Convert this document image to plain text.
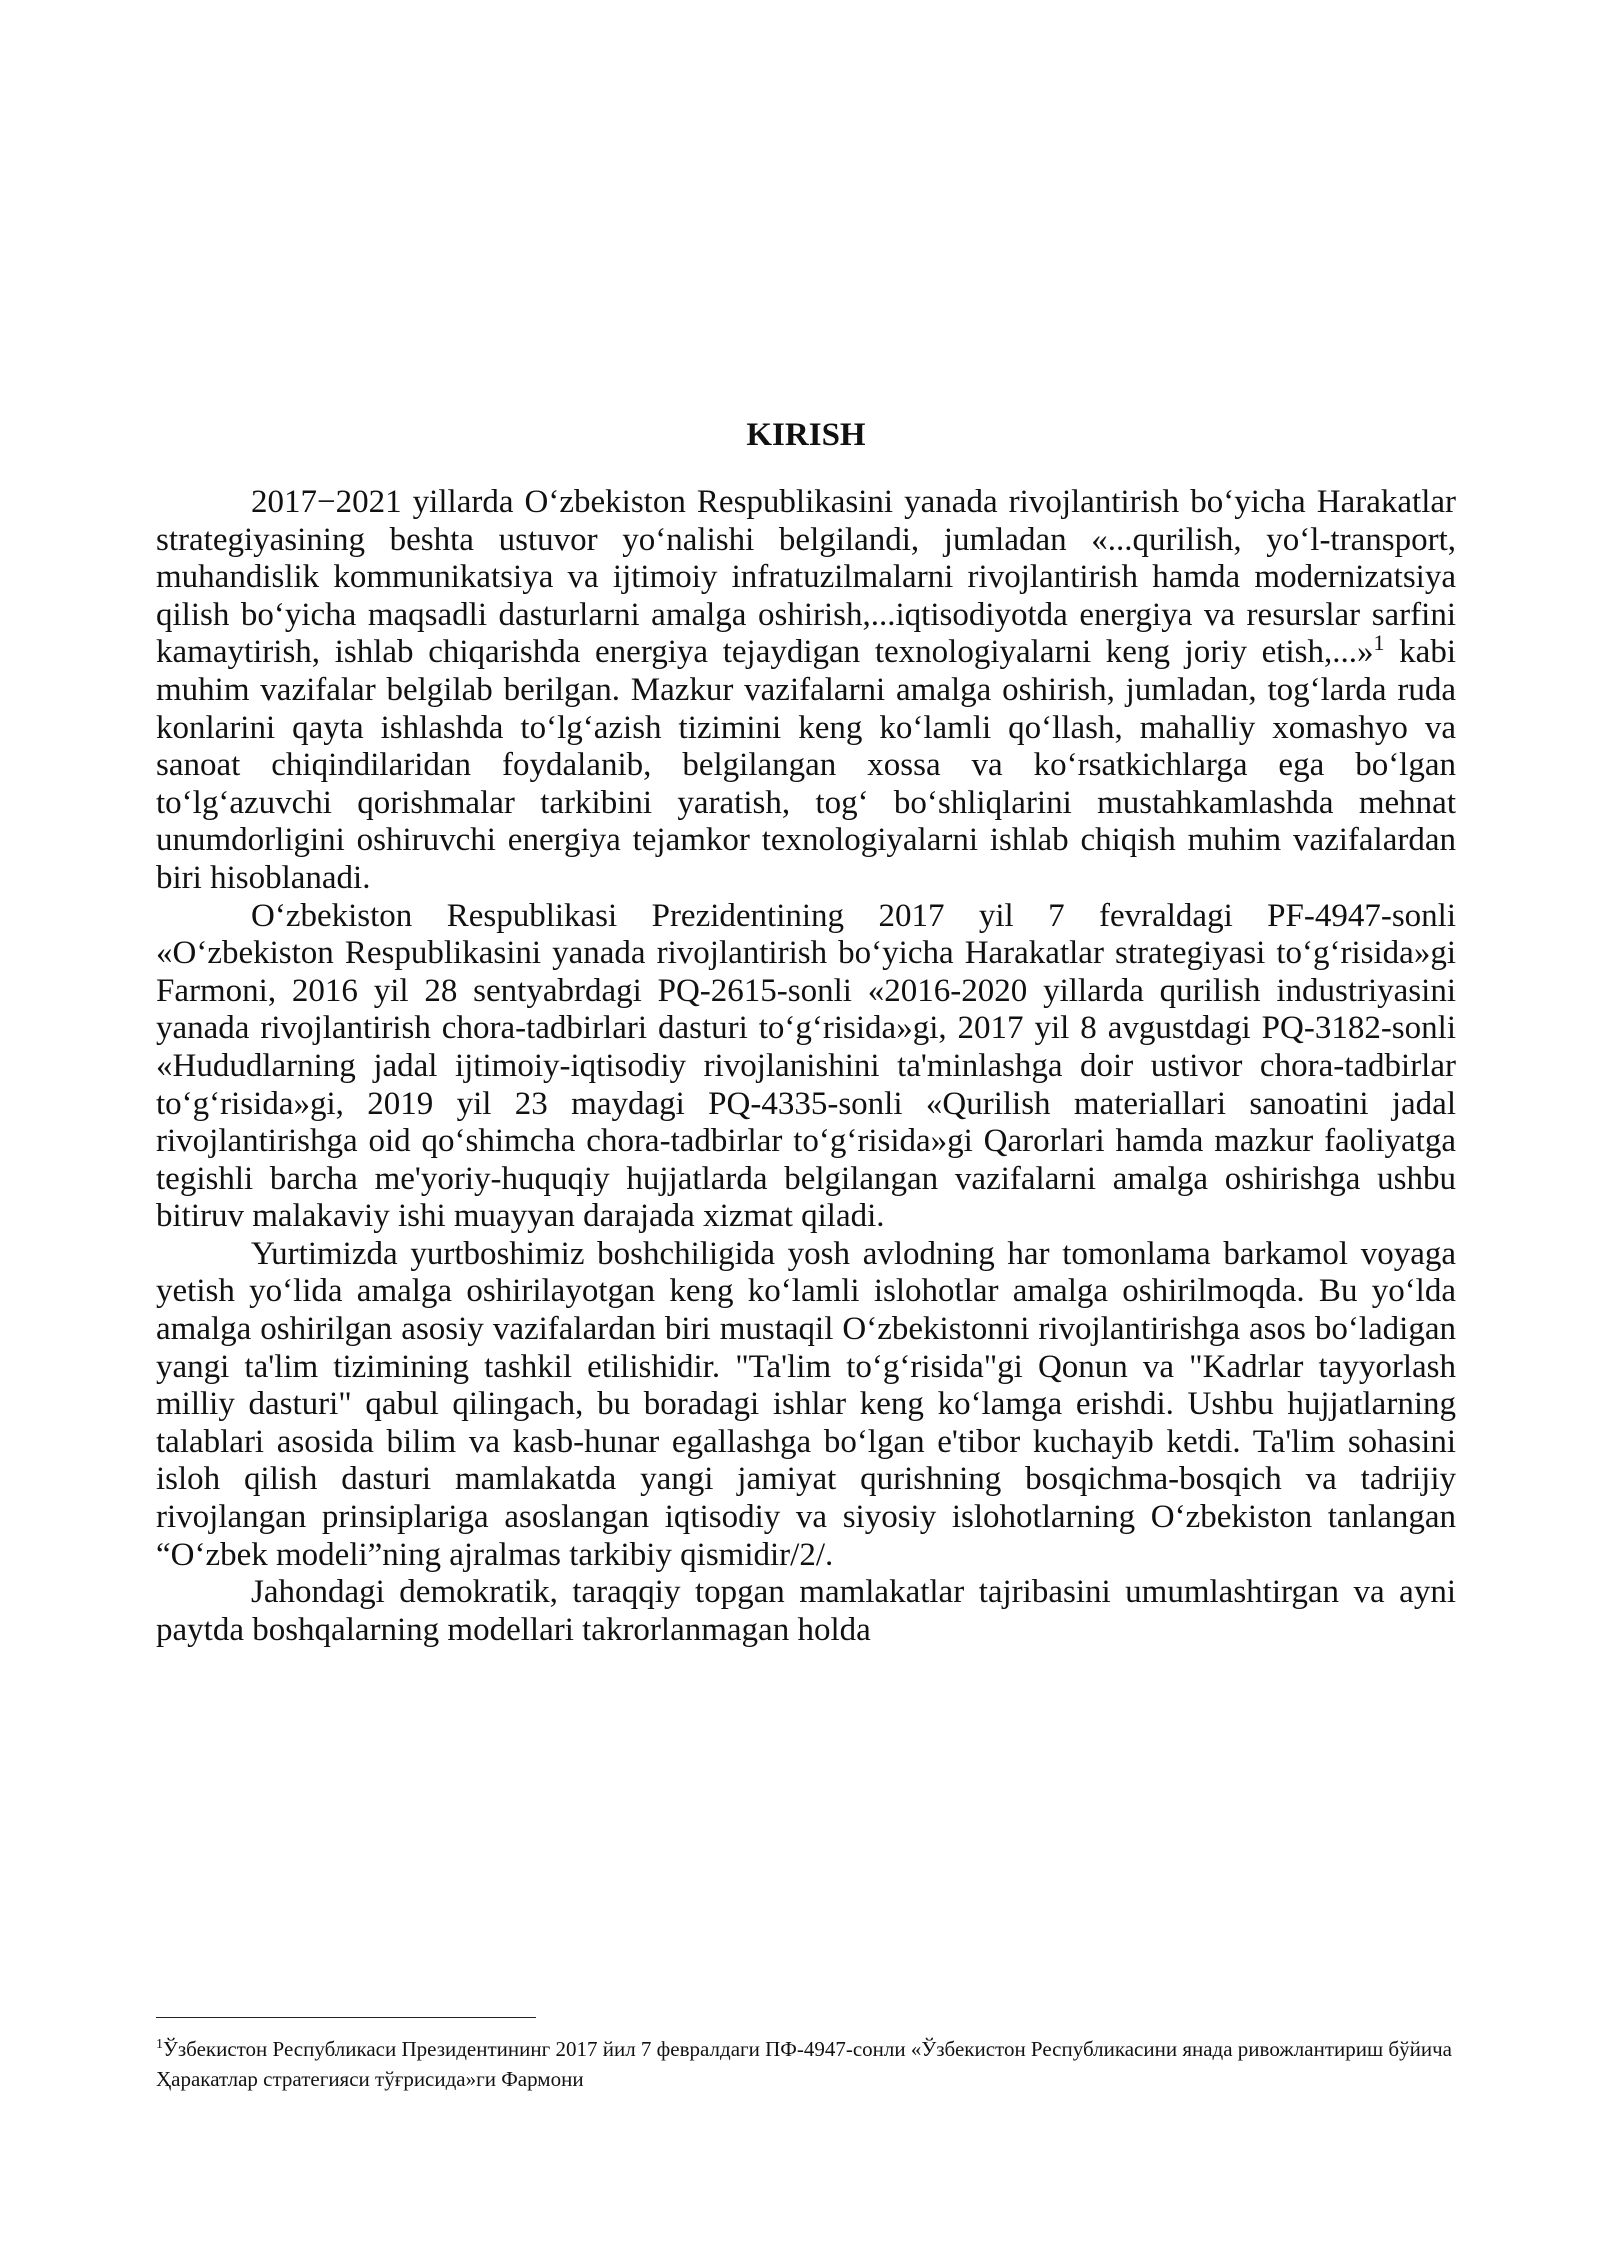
KIRISH

2017−2021 yillarda O‘zbekiston Respublikasini yanada rivojlantirish bo‘yicha Harakatlar strategiyasining beshta ustuvor yo‘nalishi belgilandi, jumladan «...qurilish, yo‘l-transport, muhandislik kommunikatsiya va ijtimoiy infratuzilmalarni rivojlantirish hamda modernizatsiya qilish bo‘yicha maqsadli dasturlarni amalga oshirish,...iqtisodiyotda energiya va resurslar sarfini kamaytirish, ishlab chiqarishda energiya tejaydigan texnologiyalarni keng joriy etish,...»$^1$ kabi muhim vazifalar belgilab berilgan. Mazkur vazifalarni amalga oshirish, jumladan, tog‘larda ruda konlarini qayta ishlashda to‘lg‘azish tizimini keng ko‘lamli qo‘llash, mahalliy xomashyo va sanoat chiqindilaridan foydalanib, belgilangan xossa va ko‘rsatkichlarga ega bo‘lgan to‘lg‘azuvchi qorishmalar tarkibini yaratish, tog‘ bo‘shliqlarini mustahkamlashda mehnat unumdorligini oshiruvchi energiya tejamkor texnologiyalarni ishlab chiqish muhim vazifalardan biri hisoblanadi.

O‘zbekiston Respublikasi Prezidentining 2017 yil 7 fevraldagi PF-4947-sonli «O‘zbekiston Respublikasini yanada rivojlantirish bo‘yicha Harakatlar strategiyasi to‘g‘risida»gi Farmoni, 2016 yil 28 sentyabrdagi PQ-2615-sonli «2016-2020 yillarda qurilish industriyasini yanada rivojlantirish chora-tadbirlari dasturi to‘g‘risida»gi, 2017 yil 8 avgustdagi PQ-3182-sonli «Hududlarning jadal ijtimoiy-iqtisodiy rivojlanishini ta'minlashga doir ustivor chora-tadbirlar to‘g‘risida»gi, 2019 yil 23 maydagi PQ-4335-sonli «Qurilish materiallari sanoatini jadal rivojlantirishga oid qo‘shimcha chora-tadbirlar to‘g‘risida»gi Qarorlari hamda mazkur faoliyatga tegishli barcha me'yoriy-huquqiy hujjatlarda belgilangan vazifalarni amalga oshirishga ushbu bitiruv malakaviy ishi muayyan darajada xizmat qiladi.

Yurtimizda yurtboshimiz boshchiligida yosh avlodning har tomonlama barkamol voyaga yetish yo‘lida amalga oshirilayotgan keng ko‘lamli islohotlar amalga oshirilmoqda. Bu yo‘lda amalga oshirilgan asosiy vazifalardan biri mustaqil O‘zbekistonni rivojlantirishga asos bo‘ladigan yangi ta'lim tizimining tashkil etilishidir. "Ta'lim to‘g‘risida"gi Qonun va "Kadrlar tayyorlash milliy dasturi" qabul qilingach, bu boradagi ishlar keng ko‘lamga erishdi. Ushbu hujjatlarning talablari asosida bilim va kasb-hunar egallashga bo‘lgan e'tibor kuchayib ketdi. Ta'lim sohasini isloh qilish dasturi mamlakatda yangi jamiyat qurishning bosqichma-bosqich va tadrijiy rivojlangan prinsiplariga asoslangan iqtisodiy va siyosiy islohotlarning O‘zbekiston tanlangan “O‘zbek modeli”ning ajralmas tarkibiy qismidir/2/.

Jahondagi demokratik, taraqqiy topgan mamlakatlar tajribasini umumlashtirgan va ayni paytda boshqalarning modellari takrorlanmagan holda

$^1$Ўзбекистон Республикаси Президентининг 2017 йил 7 февралдаги ПФ-4947-сонли «Ўзбекистон Республикасини янада ривожлантириш бўйича Ҳаракатлар стратегияси тўғрисида»ги Фармони
